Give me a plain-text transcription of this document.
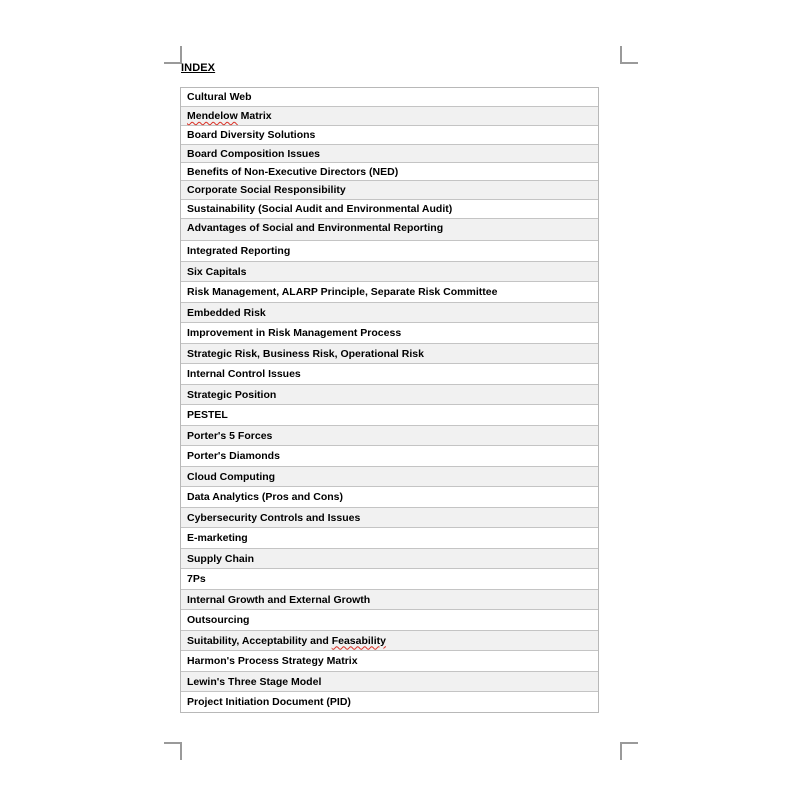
INDEX
Cultural Web
Mendelow Matrix
Board Diversity Solutions
Board Composition Issues
Benefits of Non-Executive Directors (NED)
Corporate Social Responsibility
Sustainability (Social Audit and Environmental Audit)
Advantages of Social and Environmental Reporting
Integrated Reporting
Six Capitals
Risk Management, ALARP Principle, Separate Risk Committee
Embedded Risk
Improvement in Risk Management Process
Strategic Risk, Business Risk, Operational Risk
Internal Control Issues
Strategic Position
PESTEL
Porter's 5 Forces
Porter's Diamonds
Cloud Computing
Data Analytics (Pros and Cons)
Cybersecurity Controls and Issues
E-marketing
Supply Chain
7Ps
Internal Growth and External Growth
Outsourcing
Suitability, Acceptability and Feasability
Harmon's Process Strategy Matrix
Lewin's Three Stage Model
Project Initiation Document (PID)
